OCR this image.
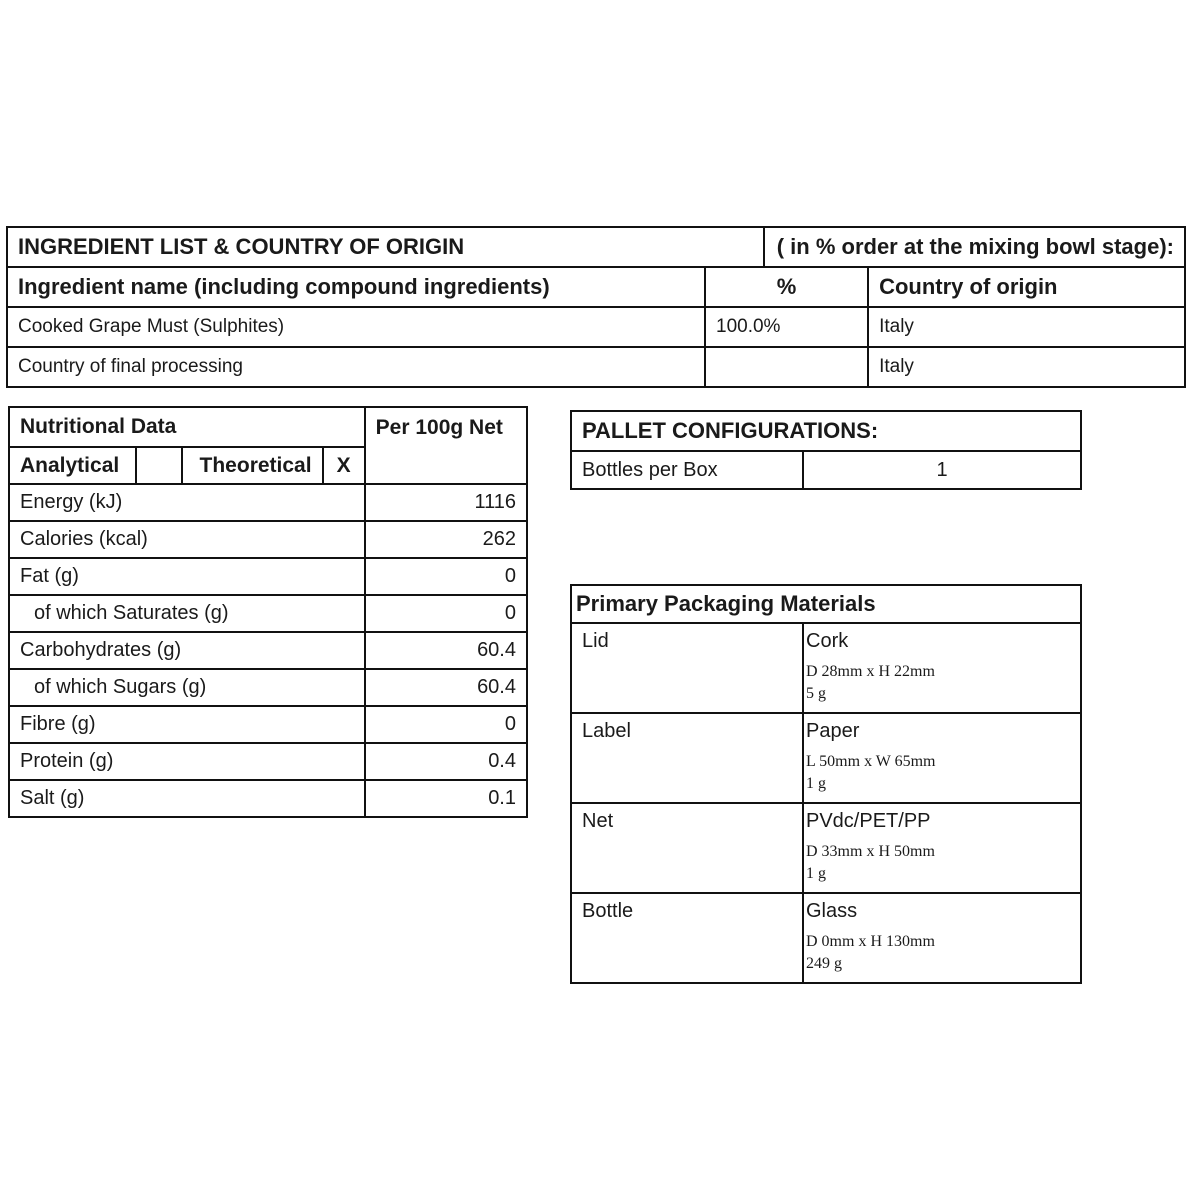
INGREDIENT LIST & COUNTRY OF ORIGIN		( in % order at the mixing bowl stage):	
Ingredient name (including compound ingredients)	%		Country of origin
Cooked Grape Must (Sulphites)	100.0%		Italy
Country of final processing			Italy
Nutritional Data				Per 100g Net
Analytical		Theoretical	X	
Energy (kJ)				1116
Calories (kcal)				262
Fat (g)				0
of which Saturates (g)				0
Carbohydrates (g)				60.4
of which Sugars (g)				60.4
Fibre (g)				0
Protein (g)				0.4
Salt (g)				0.1
PALLET CONFIGURATIONS:
Bottles per Box	1
Primary Packaging Materials	
Lid	Cork
D 28mm x H 22mm
5 g

Label	Paper
L 50mm x W 65mm
1 g

Net	PVdc/PET/PP
D 33mm x H 50mm
1 g

Bottle	Glass
D 0mm x H 130mm
249 g
